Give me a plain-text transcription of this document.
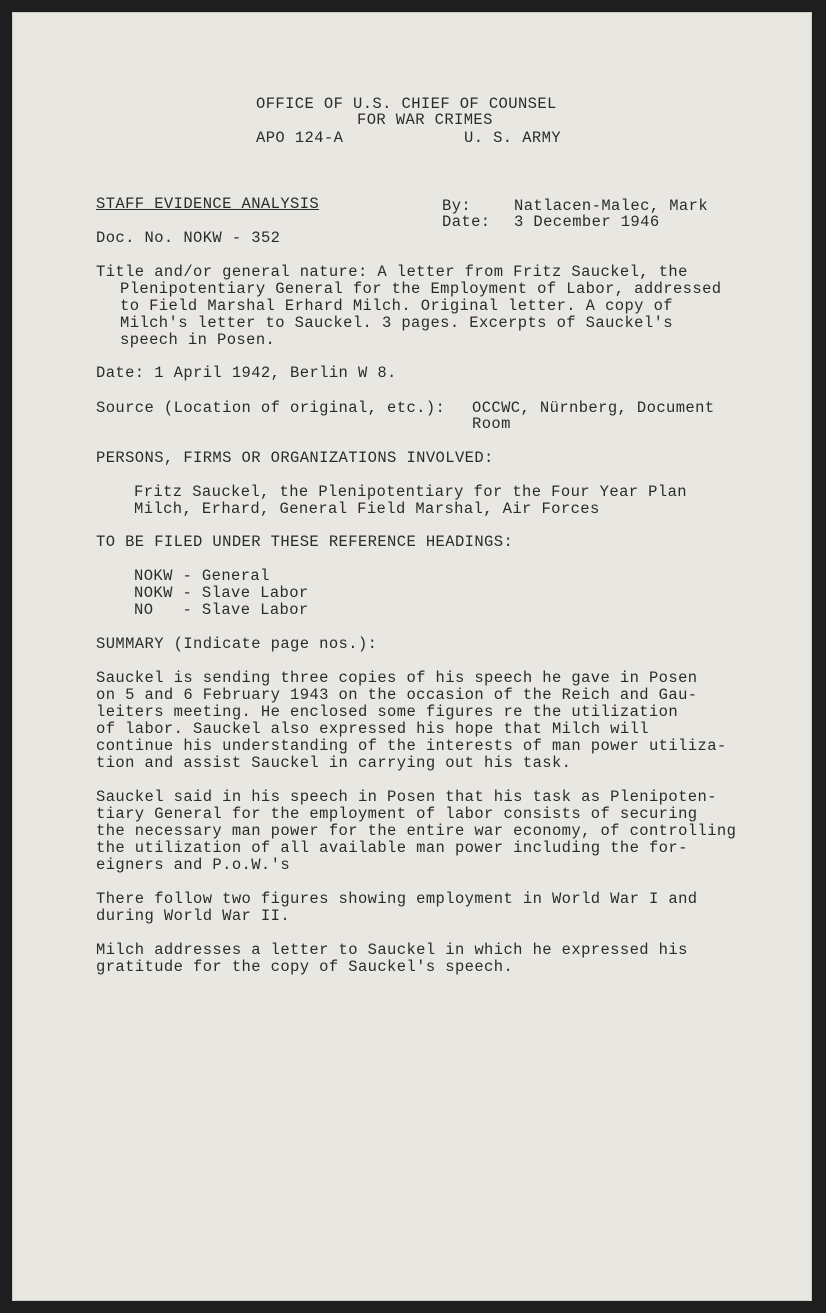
OFFICE OF U.S. CHIEF OF COUNSEL
FOR WAR CRIMES
APO 124-A	U. S. ARMY
STAFF EVIDENCE ANALYSIS	By:	Natlacen-Malec, Mark
Date: 3 December 1946
Doc. No. NOKW - 352
Title and/or general nature: A letter from Fritz Sauckel, the
Plenipotentiary General for the Employment of Labor, addressed
to Field Marshal Erhard Milch. Original letter. A copy of
Milch's letter to Sauckel. 3 pages. Excerpts of Sauckel's
speech in Posen.
Date: 1 April 1942, Berlin W 8.
Source (Location of original, etc.): OCCWC, Nürnberg, Document
Room
PERSONS, FIRMS OR ORGANIZATIONS INVOLVED:
Fritz Sauckel, the Plenipotentiary for the Four Year Plan
Milch, Erhard, General Field Marshal, Air Forces
TO BE FILED UNDER THESE REFERENCE HEADINGS:
NOKW - General
NOKW - Slave Labor
NO   - Slave Labor
SUMMARY (Indicate page nos.):
Sauckel is sending three copies of his speech he gave in Posen
on 5 and 6 February 1943 on the occasion of the Reich and Gau-
leiters meeting. He enclosed some figures re the utilization
of labor. Sauckel also expressed his hope that Milch will
continue his understanding of the interests of man power utiliza-
tion and assist Sauckel in carrying out his task.
Sauckel said in his speech in Posen that his task as Plenipoten-
tiary General for the employment of labor consists of securing
the necessary man power for the entire war economy, of controlling
the utilization of all available man power including the for-
eigners and P.o.W.'s
There follow two figures showing employment in World War I and
during World War II.
Milch addresses a letter to Sauckel in which he expressed his
gratitude for the copy of Sauckel's speech.
